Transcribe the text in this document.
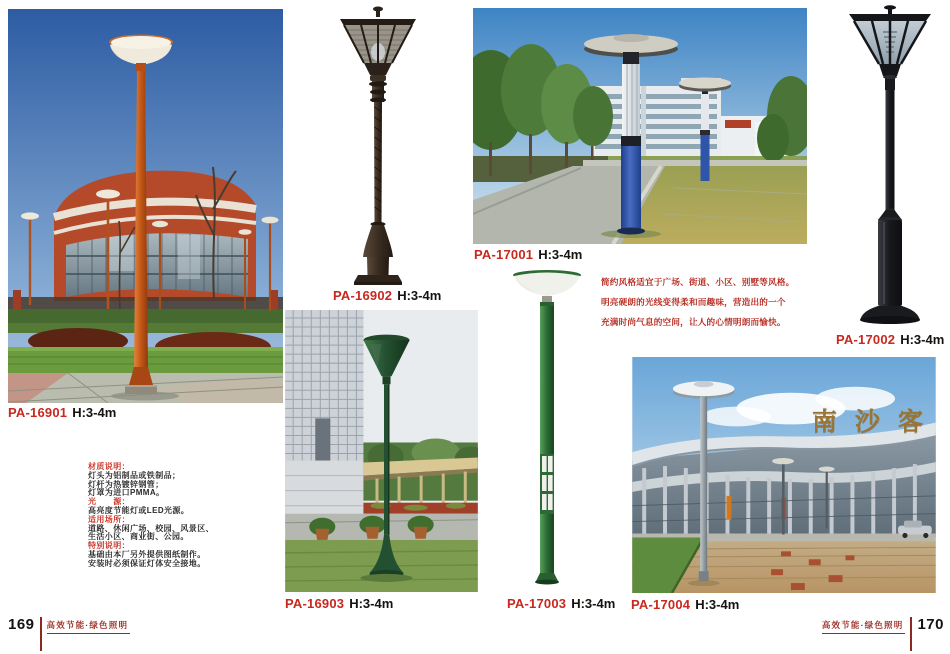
PA-16901 H:3-4m
PA-16902 H:3-4m
PA-16903 H:3-4m
材质说明：
灯头为铝制品或铁制品；
灯杆为热镀锌钢管；
灯罩为进口PMMA。
光　　源：
高亮度节能灯或LED光源。
适用场所：
道路、休闲广场、校园、风景区、
生活小区、商业街、公园。
特别说明：
基础由本厂另外提供图纸制作。
安装时必须保证灯体安全接地。
PA-17001 H:3-4m
简约风格适宜于广场、街道、小区、别墅等风格。
明亮硬朗的光线变得柔和而趣味，营造出的一个
充满时尚气息的空间，让人的心情明朗而愉快。
PA-17002 H:3-4m
PA-17003 H:3-4m
南沙客
PA-17004 H:3-4m
169 高效节能·绿色照明	高效节能·绿色照明 170
